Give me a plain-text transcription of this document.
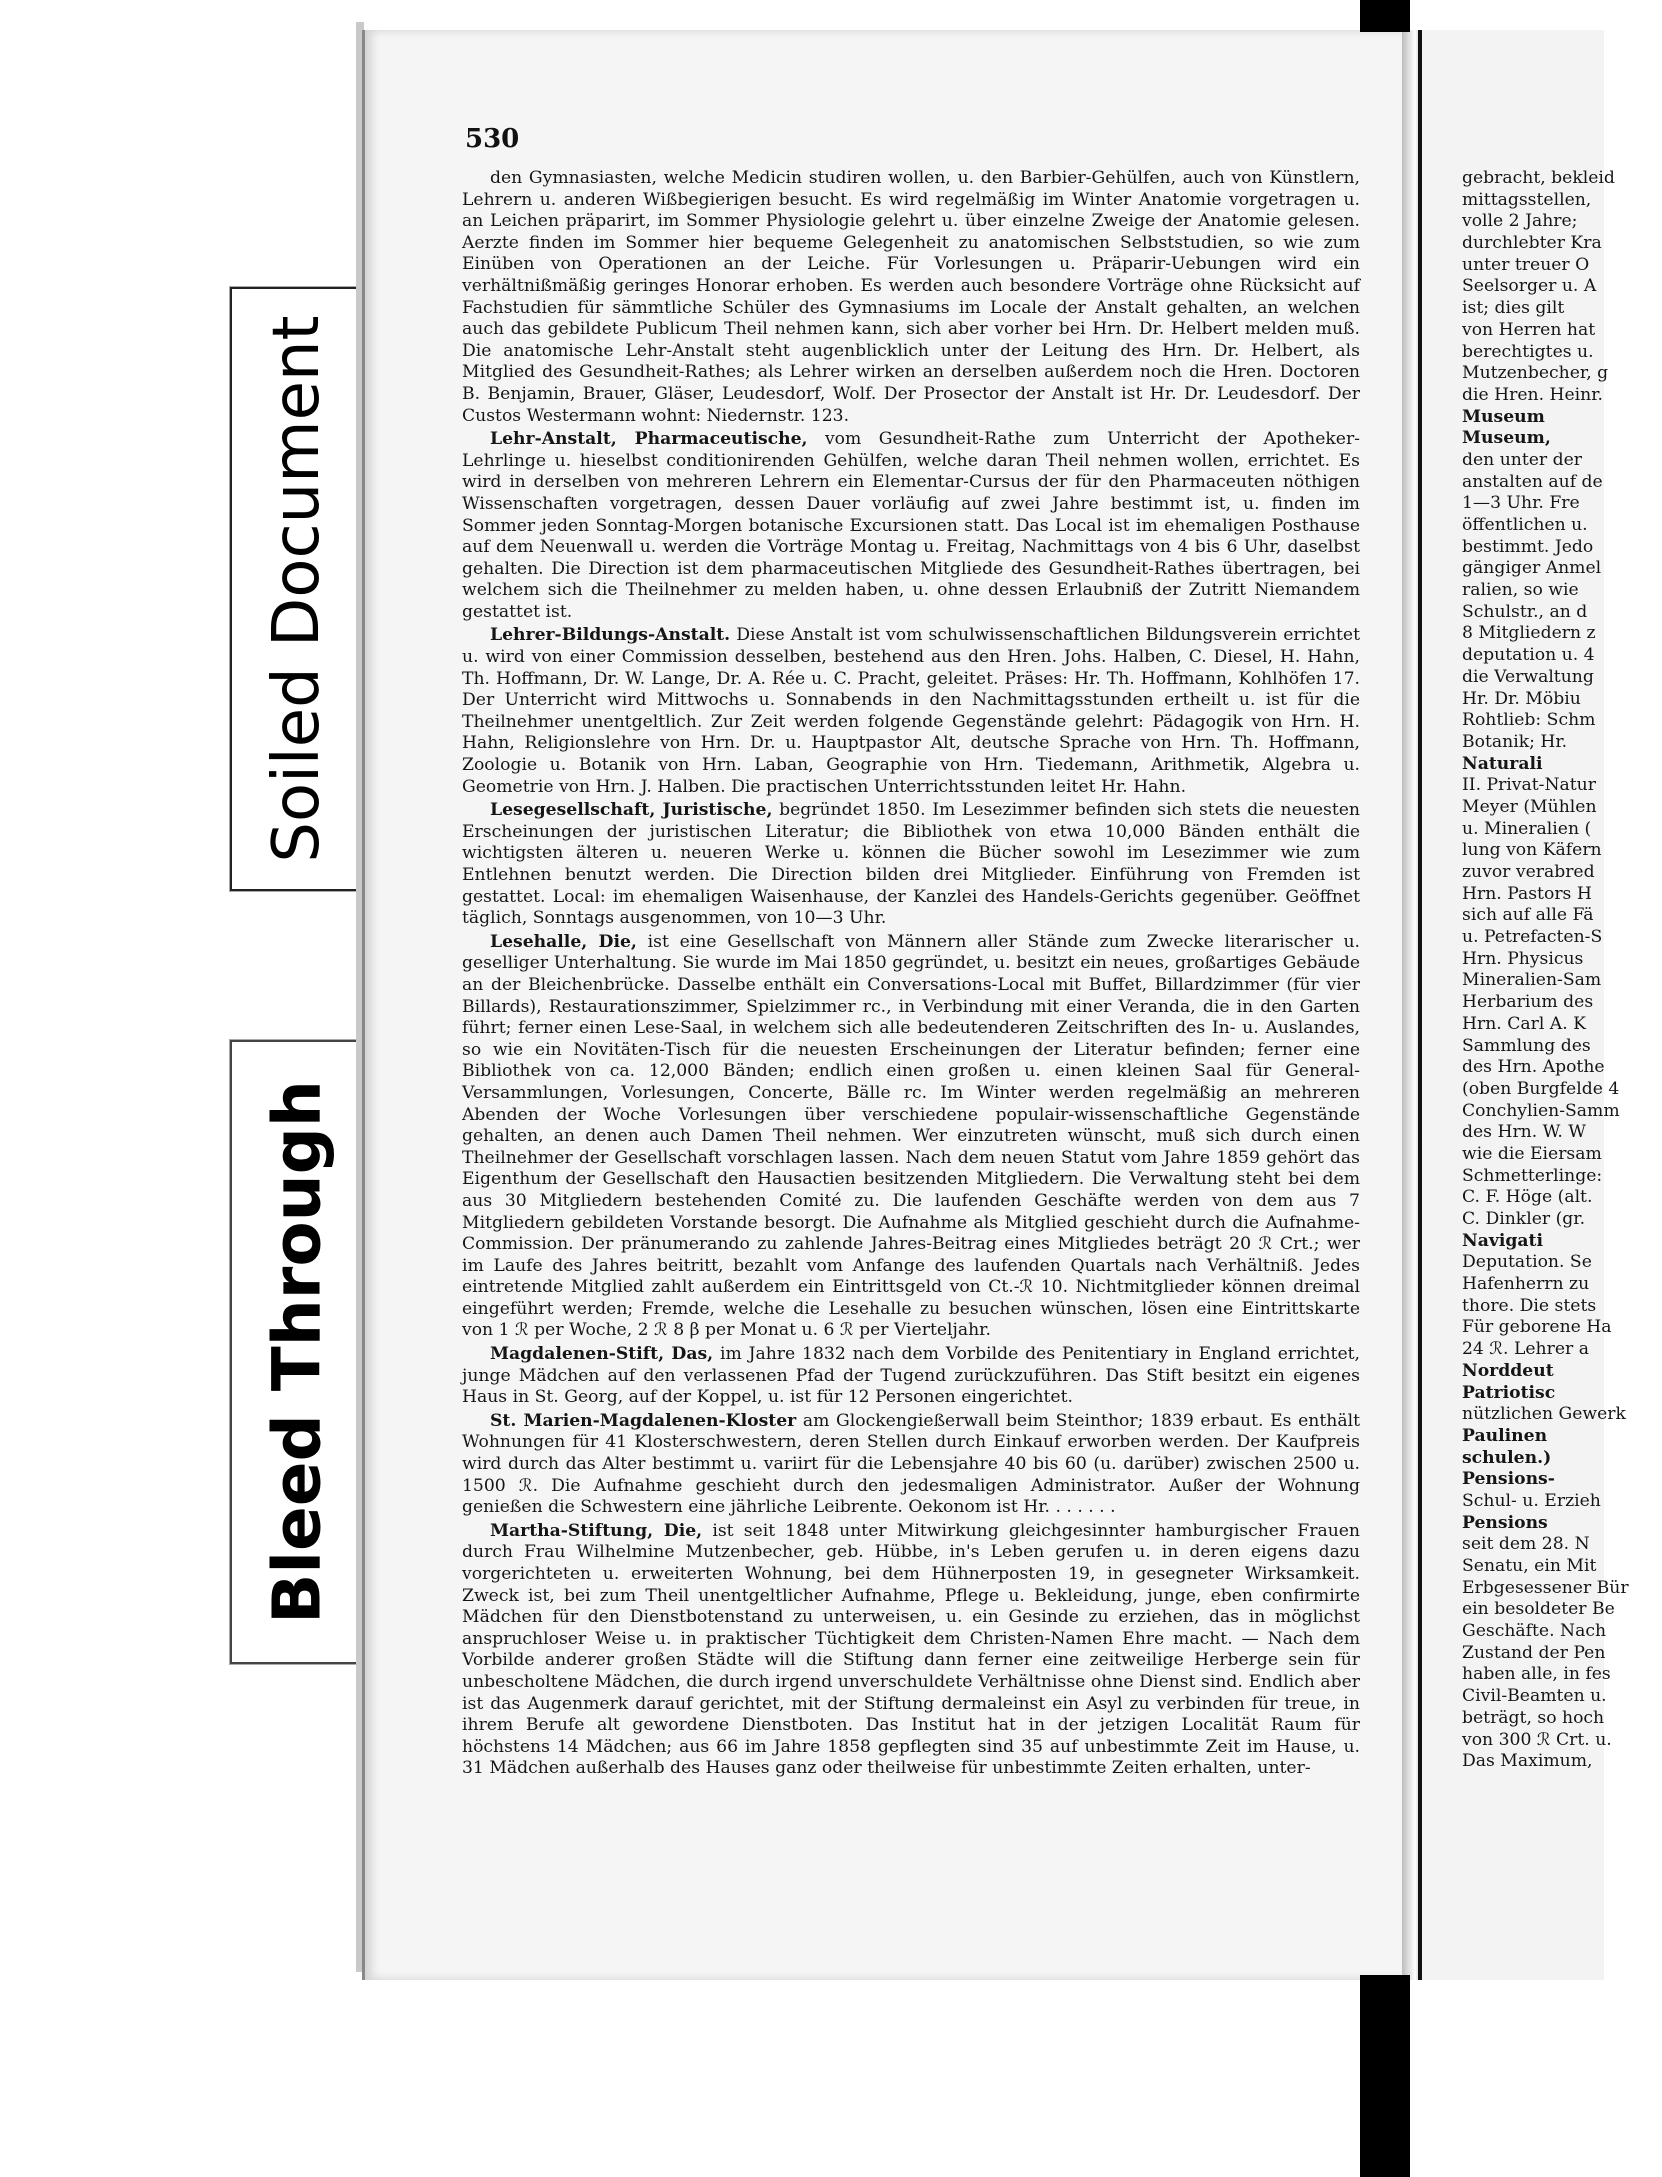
Soiled Document
Bleed Through
530

den Gymnasiasten, welche Medicin studiren wollen, u. den Barbier-Gehülfen, auch von Künstlern, Lehrern u. anderen Wißbegierigen besucht. Es wird regelmäßig im Winter Anatomie vorgetragen u. an Leichen präparirt, im Sommer Physiologie gelehrt u. über einzelne Zweige der Anatomie gelesen. Aerzte finden im Sommer hier bequeme Gelegenheit zu anatomischen Selbststudien, so wie zum Einüben von Operationen an der Leiche. Für Vorlesungen u. Präparir-Uebungen wird ein verhältnißmäßig geringes Honorar erhoben. Es werden auch besondere Vorträge ohne Rücksicht auf Fachstudien für sämmtliche Schüler des Gymnasiums im Locale der Anstalt gehalten, an welchen auch das gebildete Publicum Theil nehmen kann, sich aber vorher bei Hrn. Dr. Helbert melden muß. Die anatomische Lehr-Anstalt steht augenblicklich unter der Leitung des Hrn. Dr. Helbert, als Mitglied des Gesundheit-Rathes; als Lehrer wirken an derselben außerdem noch die Hren. Doctoren B. Benjamin, Brauer, Gläser, Leudesdorf, Wolf. Der Prosector der Anstalt ist Hr. Dr. Leudesdorf. Der Custos Westermann wohnt: Niedernstr. 123.

Lehr-Anstalt, Pharmaceutische, vom Gesundheit-Rathe zum Unterricht der Apotheker-Lehrlinge u. hieselbst conditionirenden Gehülfen, welche daran Theil nehmen wollen, errichtet. Es wird in derselben von mehreren Lehrern ein Elementar-Cursus der für den Pharmaceuten nöthigen Wissenschaften vorgetragen, dessen Dauer vorläufig auf zwei Jahre bestimmt ist, u. finden im Sommer jeden Sonntag-Morgen botanische Excursionen statt. Das Local ist im ehemaligen Posthause auf dem Neuenwall u. werden die Vorträge Montag u. Freitag, Nachmittags von 4 bis 6 Uhr, daselbst gehalten. Die Direction ist dem pharmaceutischen Mitgliede des Gesundheit-Rathes übertragen, bei welchem sich die Theilnehmer zu melden haben, u. ohne dessen Erlaubniß der Zutritt Niemandem gestattet ist.

Lehrer-Bildungs-Anstalt. Diese Anstalt ist vom schulwissenschaftlichen Bildungsverein errichtet u. wird von einer Commission desselben, bestehend aus den Hren. Johs. Halben, C. Diesel, H. Hahn, Th. Hoffmann, Dr. W. Lange, Dr. A. Rée u. C. Pracht, geleitet. Präses: Hr. Th. Hoffmann, Kohlhöfen 17. Der Unterricht wird Mittwochs u. Sonnabends in den Nachmittagsstunden ertheilt u. ist für die Theilnehmer unentgeltlich. Zur Zeit werden folgende Gegenstände gelehrt: Pädagogik von Hrn. H. Hahn, Religionslehre von Hrn. Dr. u. Hauptpastor Alt, deutsche Sprache von Hrn. Th. Hoffmann, Zoologie u. Botanik von Hrn. Laban, Geographie von Hrn. Tiedemann, Arithmetik, Algebra u. Geometrie von Hrn. J. Halben. Die practischen Unterrichtsstunden leitet Hr. Hahn.

Lesegesellschaft, Juristische, begründet 1850. Im Lesezimmer befinden sich stets die neuesten Erscheinungen der juristischen Literatur; die Bibliothek von etwa 10,000 Bänden enthält die wichtigsten älteren u. neueren Werke u. können die Bücher sowohl im Lesezimmer wie zum Entlehnen benutzt werden. Die Direction bilden drei Mitglieder. Einführung von Fremden ist gestattet. Local: im ehemaligen Waisenhause, der Kanzlei des Handels-Gerichts gegenüber. Geöffnet täglich, Sonntags ausgenommen, von 10—3 Uhr.

Lesehalle, Die, ist eine Gesellschaft von Männern aller Stände zum Zwecke literarischer u. geselliger Unterhaltung. Sie wurde im Mai 1850 gegründet, u. besitzt ein neues, großartiges Gebäude an der Bleichenbrücke. Dasselbe enthält ein Conversations-Local mit Buffet, Billardzimmer (für vier Billards), Restaurationszimmer, Spielzimmer rc., in Verbindung mit einer Veranda, die in den Garten führt; ferner einen Lese-Saal, in welchem sich alle bedeutenderen Zeitschriften des In- u. Auslandes, so wie ein Novitäten-Tisch für die neuesten Erscheinungen der Literatur befinden; ferner eine Bibliothek von ca. 12,000 Bänden; endlich einen großen u. einen kleinen Saal für General-Versammlungen, Vorlesungen, Concerte, Bälle rc. Im Winter werden regelmäßig an mehreren Abenden der Woche Vorlesungen über verschiedene populair-wissenschaftliche Gegenstände gehalten, an denen auch Damen Theil nehmen. Wer einzutreten wünscht, muß sich durch einen Theilnehmer der Gesellschaft vorschlagen lassen. Nach dem neuen Statut vom Jahre 1859 gehört das Eigenthum der Gesellschaft den Hausactien besitzenden Mitgliedern. Die Verwaltung steht bei dem aus 30 Mitgliedern bestehenden Comité zu. Die laufenden Geschäfte werden von dem aus 7 Mitgliedern gebildeten Vorstande besorgt. Die Aufnahme als Mitglied geschieht durch die Aufnahme-Commission. Der pränumerando zu zahlende Jahres-Beitrag eines Mitgliedes beträgt 20 ℛ Crt.; wer im Laufe des Jahres beitritt, bezahlt vom Anfange des laufenden Quartals nach Verhältniß. Jedes eintretende Mitglied zahlt außerdem ein Eintrittsgeld von Ct.-ℛ 10. Nichtmitglieder können dreimal eingeführt werden; Fremde, welche die Lesehalle zu besuchen wünschen, lösen eine Eintrittskarte von 1 ℛ per Woche, 2 ℛ 8 β per Monat u. 6 ℛ per Vierteljahr.

Magdalenen-Stift, Das, im Jahre 1832 nach dem Vorbilde des Penitentiary in England errichtet, junge Mädchen auf den verlassenen Pfad der Tugend zurückzuführen. Das Stift besitzt ein eigenes Haus in St. Georg, auf der Koppel, u. ist für 12 Personen eingerichtet.

St. Marien-Magdalenen-Kloster am Glockengießerwall beim Steinthor; 1839 erbaut. Es enthält Wohnungen für 41 Klosterschwestern, deren Stellen durch Einkauf erworben werden. Der Kaufpreis wird durch das Alter bestimmt u. variirt für die Lebensjahre 40 bis 60 (u. darüber) zwischen 2500 u. 1500 ℛ. Die Aufnahme geschieht durch den jedesmaligen Administrator. Außer der Wohnung genießen die Schwestern eine jährliche Leibrente. Oekonom ist Hr. . . . . . .

Martha-Stiftung, Die, ist seit 1848 unter Mitwirkung gleichgesinnter hamburgischer Frauen durch Frau Wilhelmine Mutzenbecher, geb. Hübbe, in's Leben gerufen u. in deren eigens dazu vorgerichteten u. erweiterten Wohnung, bei dem Hühnerposten 19, in gesegneter Wirksamkeit. Zweck ist, bei zum Theil unentgeltlicher Aufnahme, Pflege u. Bekleidung, junge, eben confirmirte Mädchen für den Dienstbotenstand zu unterweisen, u. ein Gesinde zu erziehen, das in möglichst anspruchloser Weise u. in praktischer Tüchtigkeit dem Christen-Namen Ehre macht. — Nach dem Vorbilde anderer großen Städte will die Stiftung dann ferner eine zeitweilige Herberge sein für unbescholtene Mädchen, die durch irgend unverschuldete Verhältnisse ohne Dienst sind. Endlich aber ist das Augenmerk darauf gerichtet, mit der Stiftung dermaleinst ein Asyl zu verbinden für treue, in ihrem Berufe alt gewordene Dienstboten. Das Institut hat in der jetzigen Localität Raum für höchstens 14 Mädchen; aus 66 im Jahre 1858 gepflegten sind 35 auf unbestimmte Zeit im Hause, u. 31 Mädchen außerhalb des Hauses ganz oder theilweise für unbestimmte Zeiten erhalten, unter-

gebracht, bekleid
mittagsstellen,
volle 2 Jahre;
durchlebter Kra
unter treuer O
Seelsorger u. A
ist; dies gilt
von Herren hat
berechtigtes u.
Mutzenbecher, g
die Hren. Heinr.
Museum
Museum,
den unter der
anstalten auf de
1—3 Uhr. Fre
öffentlichen u.
bestimmt. Jedo
gängiger Anmel
ralien, so wie
Schulstr., an d
8 Mitgliedern z
deputation u. 4
die Verwaltung
Hr. Dr. Möbiu
Rohtlieb: Schm
Botanik; Hr.
Naturali
II. Privat-Natur
Meyer (Mühlen
u. Mineralien (
lung von Käfern
zuvor verabred
Hrn. Pastors H
sich auf alle Fä
u. Petrefacten-S
Hrn. Physicus
Mineralien-Sam
Herbarium des
Hrn. Carl A. K
Sammlung des
des Hrn. Apothe
(oben Burgfelde 4
Conchylien-Samm
des Hrn. W. W
wie die Eiersam
Schmetterlinge:
C. F. Höge (alt.
C. Dinkler (gr.
Navigati
Deputation. Se
Hafenherrn zu
thore. Die stets
Für geborene Ha
24 ℛ. Lehrer a
Norddeut
Patriotisc
nützlichen Gewerk
Paulinen
schulen.)
Pensions-
Schul- u. Erzieh
Pensions
seit dem 28. N
Senatu, ein Mit
Erbgesessener Bür
ein besoldeter Be
Geschäfte. Nach
Zustand der Pen
haben alle, in fes
Civil-Beamten u.
beträgt, so hoch
von 300 ℛ Crt. u.
Das Maximum,
